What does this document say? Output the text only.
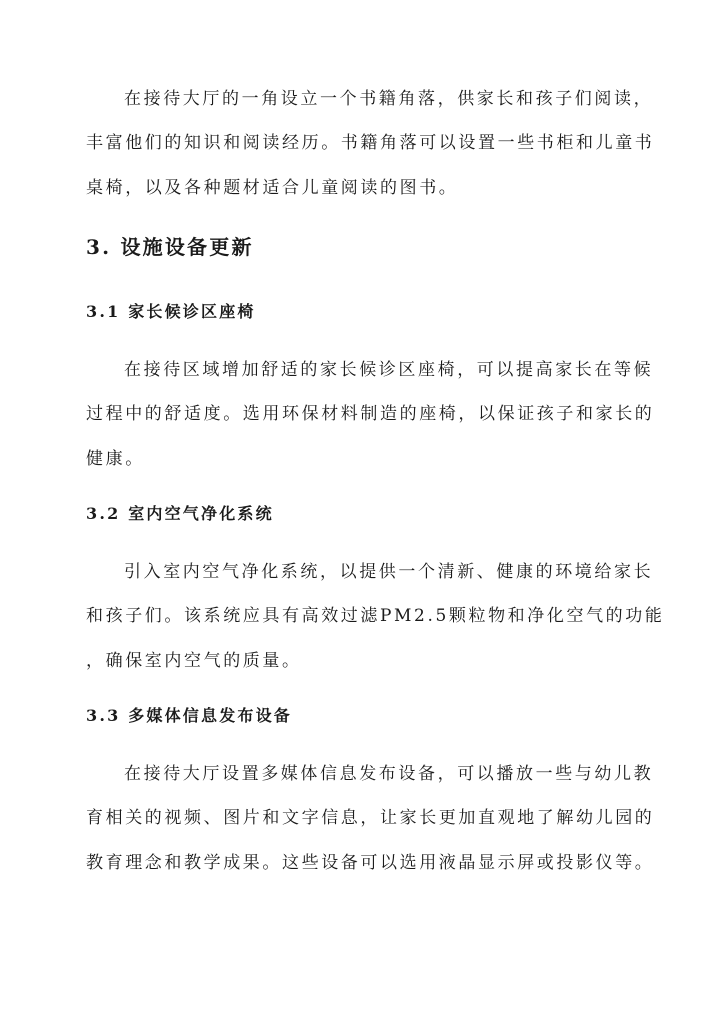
在接待大厅的一角设立一个书籍角落，供家长和孩子们阅读，
丰富他们的知识和阅读经历。书籍角落可以设置一些书柜和儿童书
桌椅，以及各种题材适合儿童阅读的图书。
3. 设施设备更新
3.1 家长候诊区座椅
在接待区域增加舒适的家长候诊区座椅，可以提高家长在等候
过程中的舒适度。选用环保材料制造的座椅，以保证孩子和家长的
健康。
3.2 室内空气净化系统
引入室内空气净化系统，以提供一个清新、健康的环境给家长
和孩子们。该系统应具有高效过滤PM2.5颗粒物和净化空气的功能
，确保室内空气的质量。
3.3 多媒体信息发布设备
在接待大厅设置多媒体信息发布设备，可以播放一些与幼儿教
育相关的视频、图片和文字信息，让家长更加直观地了解幼儿园的
教育理念和教学成果。这些设备可以选用液晶显示屏或投影仪等。
